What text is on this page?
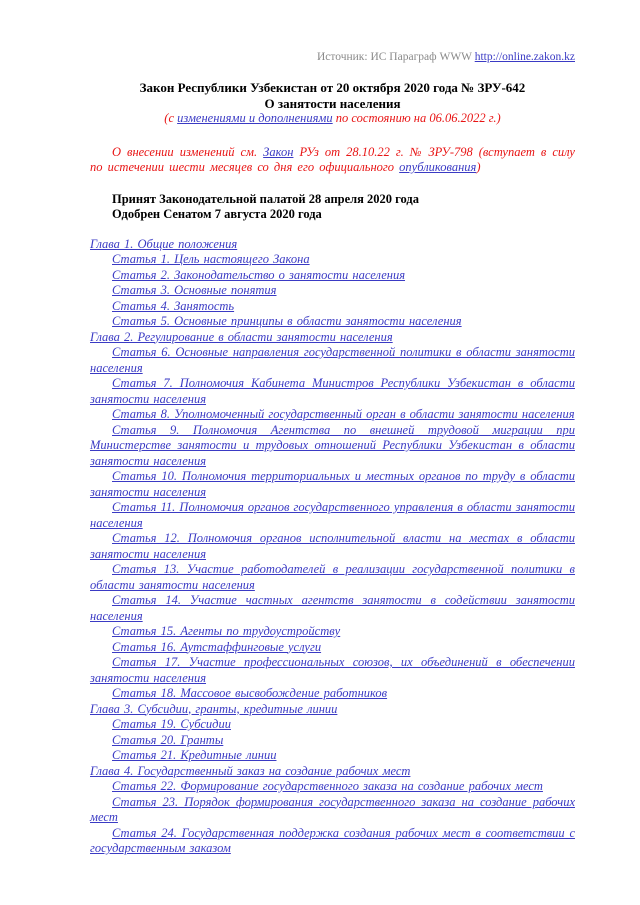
Источник: ИС Параграф WWW http://online.zakon.kz
Закон Республики Узбекистан от 20 октября 2020 года № ЗРУ-642
О занятости населения
(с изменениями и дополнениями по состоянию на 06.06.2022 г.)

О внесении изменений см. Закон РУз от 28.10.22 г. № ЗРУ-798 (вступает в силу по истечении шести месяцев со дня его официального опубликования)

Принят Законодательной палатой 28 апреля 2020 года
Одобрен Сенатом 7 августа 2020 года

Глава 1. Общие положения

Статья 1. Цель настоящего Закона

Статья 2. Законодательство о занятости населения

Статья 3. Основные понятия

Статья 4. Занятость

Статья 5. Основные принципы в области занятости населения

Глава 2. Регулирование в области занятости населения

Статья 6. Основные направления государственной политики в области занятости населения

Статья 7. Полномочия Кабинета Министров Республики Узбекистан в области занятости населения

Статья 8. Уполномоченный государственный орган в области занятости населения

Статья 9. Полномочия Агентства по внешней трудовой миграции при Министерстве занятости и трудовых отношений Республики Узбекистан в области занятости населения

Статья 10. Полномочия территориальных и местных органов по труду в области занятости населения

Статья 11. Полномочия органов государственного управления в области занятости населения

Статья 12. Полномочия органов исполнительной власти на местах в области занятости населения

Статья 13. Участие работодателей в реализации государственной политики в области занятости населения

Статья 14. Участие частных агентств занятости в содействии занятости населения

Статья 15. Агенты по трудоустройству

Статья 16. Аутстаффинговые услуги

Статья 17. Участие профессиональных союзов, их объединений в обеспечении занятости населения

Статья 18. Массовое высвобождение работников

Глава 3. Субсидии, гранты, кредитные линии

Статья 19. Субсидии

Статья 20. Гранты

Статья 21. Кредитные линии

Глава 4. Государственный заказ на создание рабочих мест

Статья 22. Формирование государственного заказа на создание рабочих мест

Статья 23. Порядок формирования государственного заказа на создание рабочих мест

Статья 24. Государственная поддержка создания рабочих мест в соответствии с государственным заказом
